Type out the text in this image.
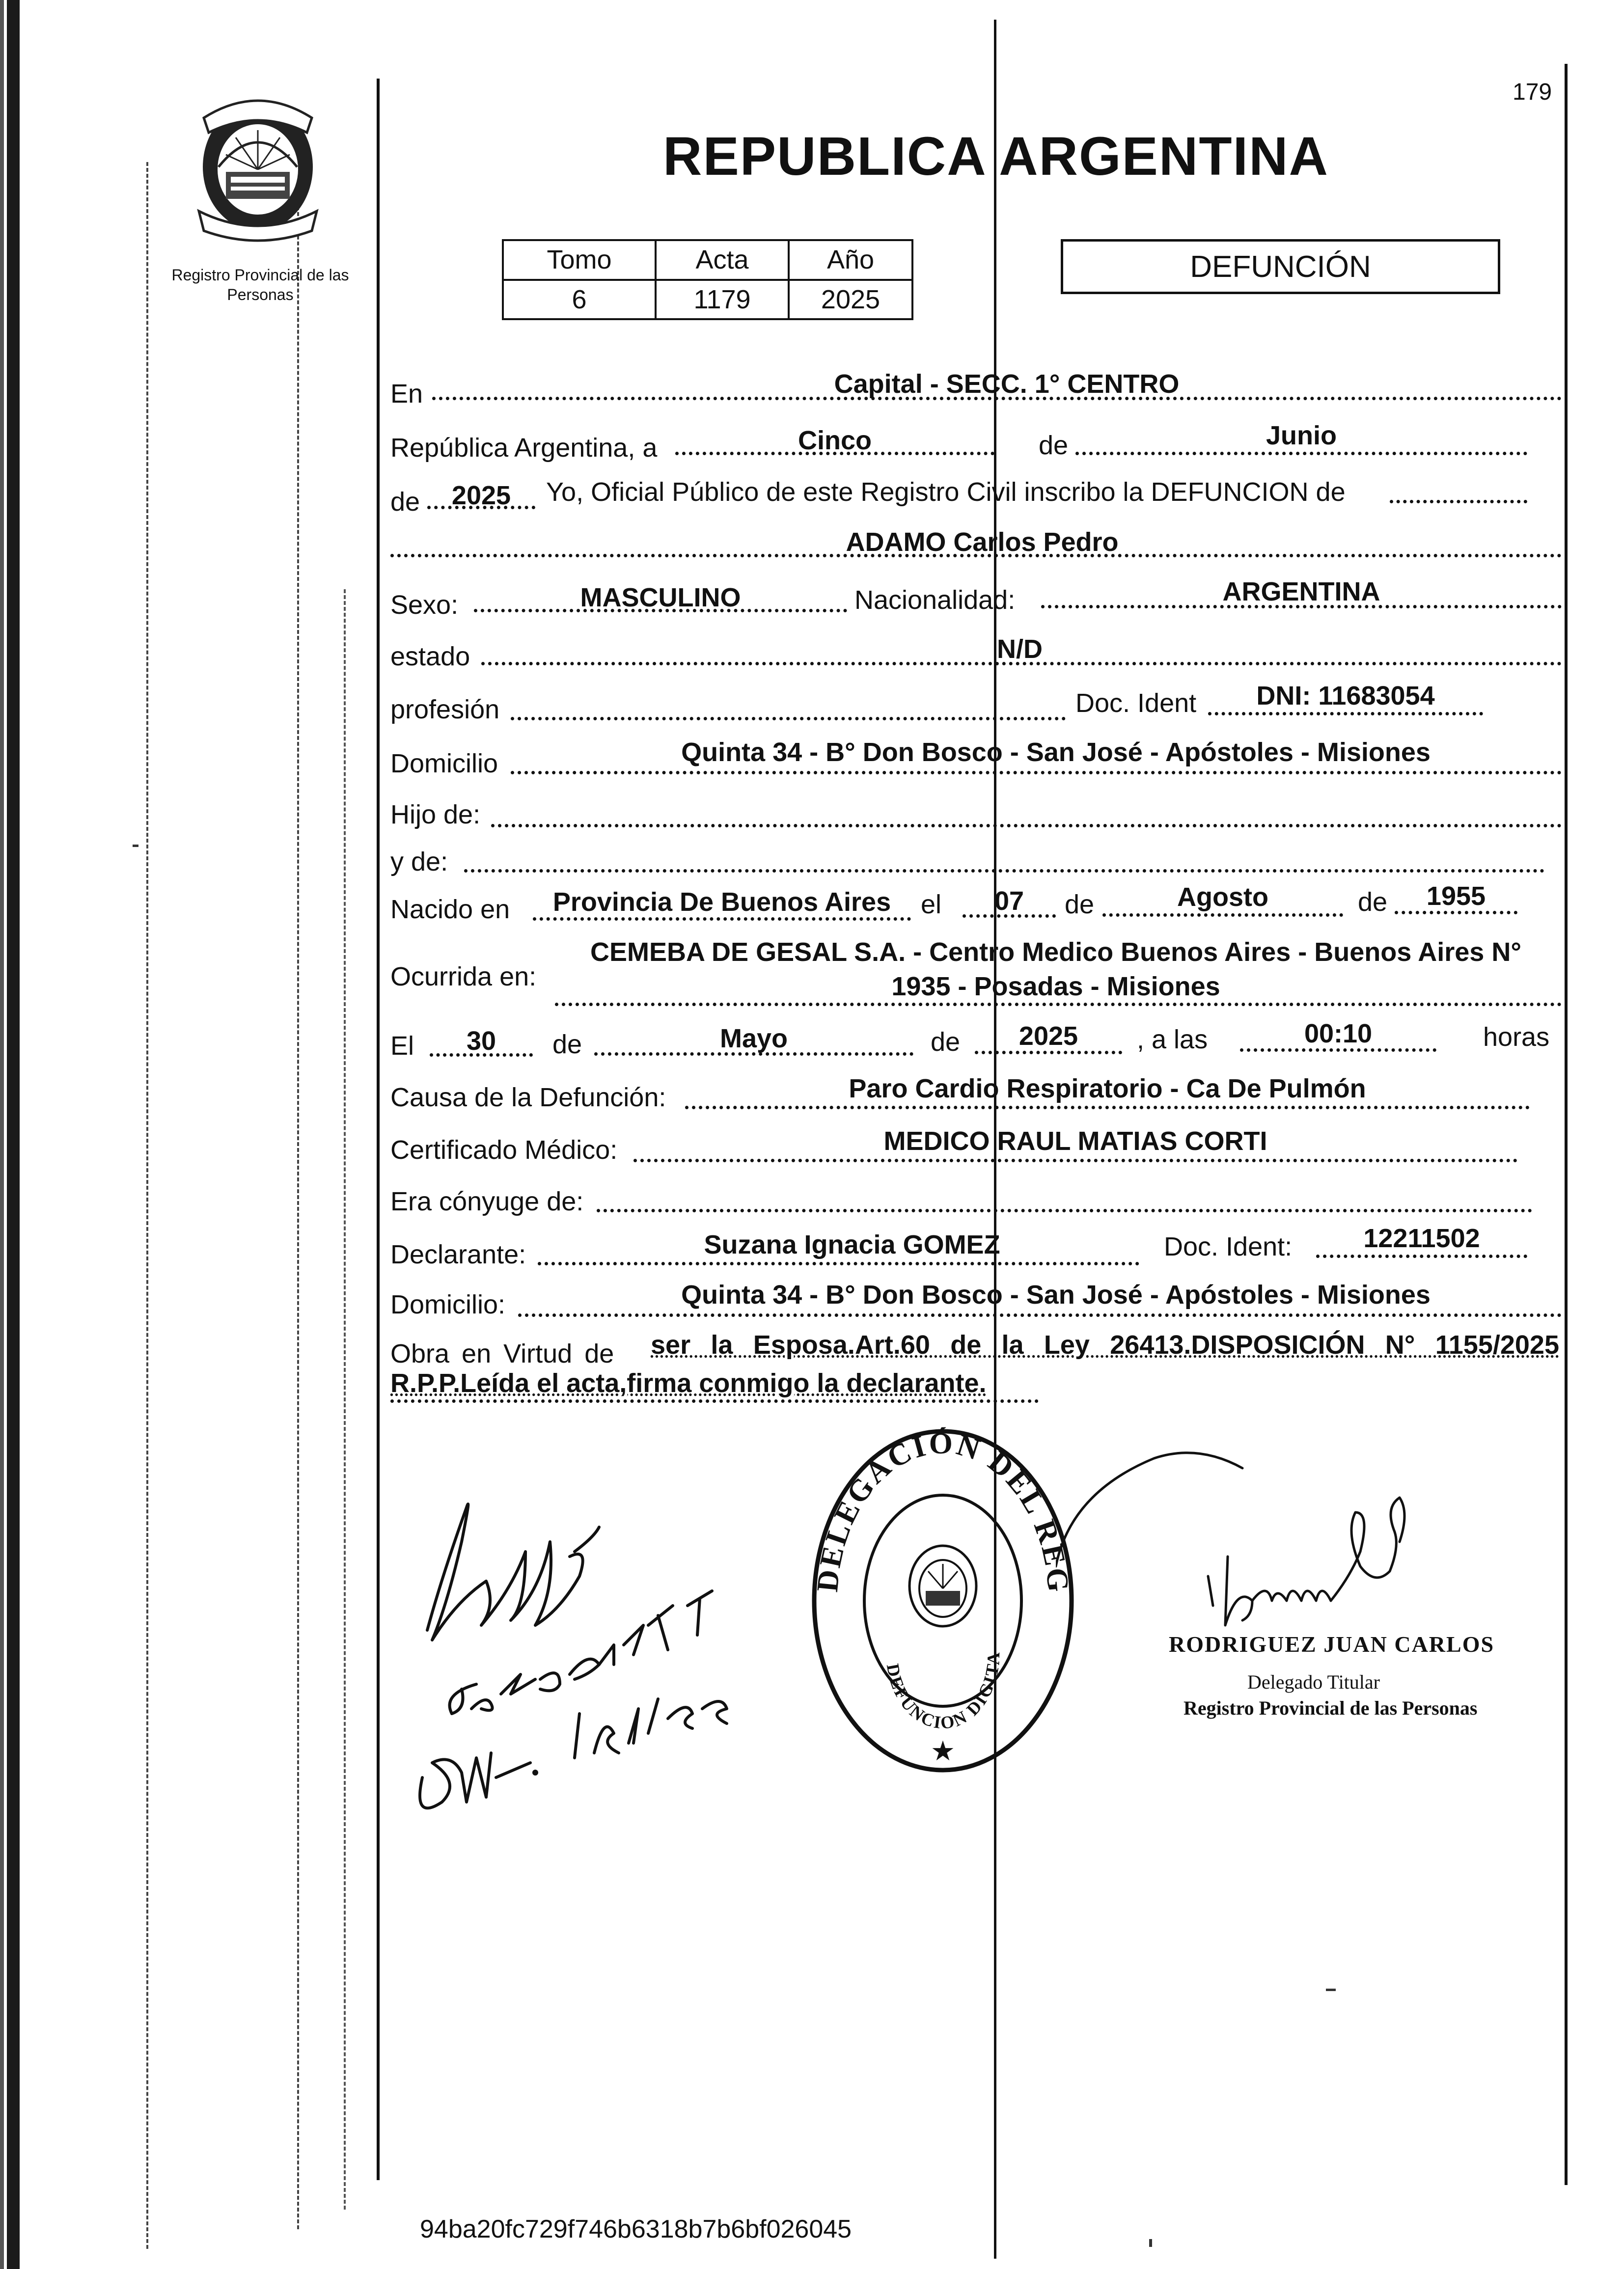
Registro Provincial de las Personas
179
REPUBLICA ARGENTINA
Tomo	Acta	Año
6	1179	2025
DEFUNCIÓN
En	Capital - SECC. 1° CENTRO
República Argentina, a	Cinco	de	Junio
de	2025	Yo, Oficial Público de este Registro Civil inscribo la DEFUNCION de
ADAMO Carlos Pedro
Sexo:	MASCULINO	Nacionalidad:	ARGENTINA
estado	N/D
profesión	Doc. Ident	DNI: 11683054
Domicilio	Quinta 34 - B° Don Bosco - San José - Apóstoles - Misiones
Hijo de:
y de:
Nacido en	Provincia De Buenos Aires	el	07	de	Agosto	de	1955
Ocurrida en:
CEMEBA DE GESAL S.A. - Centro Medico Buenos Aires - Buenos Aires N°
1935 - Posadas - Misiones
El	30	de	Mayo	de	2025	, a las	00:10	horas
Causa de la Defunción:	Paro Cardio Respiratorio - Ca De Pulmón
Certificado Médico:	MEDICO RAUL MATIAS CORTI
Era cónyuge de:
Declarante:	Suzana Ignacia GOMEZ	Doc. Ident:	12211502
Domicilio:	Quinta 34 - B° Don Bosco - San José - Apóstoles - Misiones
Obra en Virtud de ser la Esposa.Art.60 de la Ley 26413.DISPOSICIÓN N° 1155/2025
R.P.P.Leída el acta,firma conmigo la declarante.
DELEGACIÓN DEL REG
DEFUNCION DIGITA
★
RODRIGUEZ JUAN CARLOS
Delegado Titular
Registro Provincial de las Personas
94ba20fc729f746b6318b7b6bf026045
